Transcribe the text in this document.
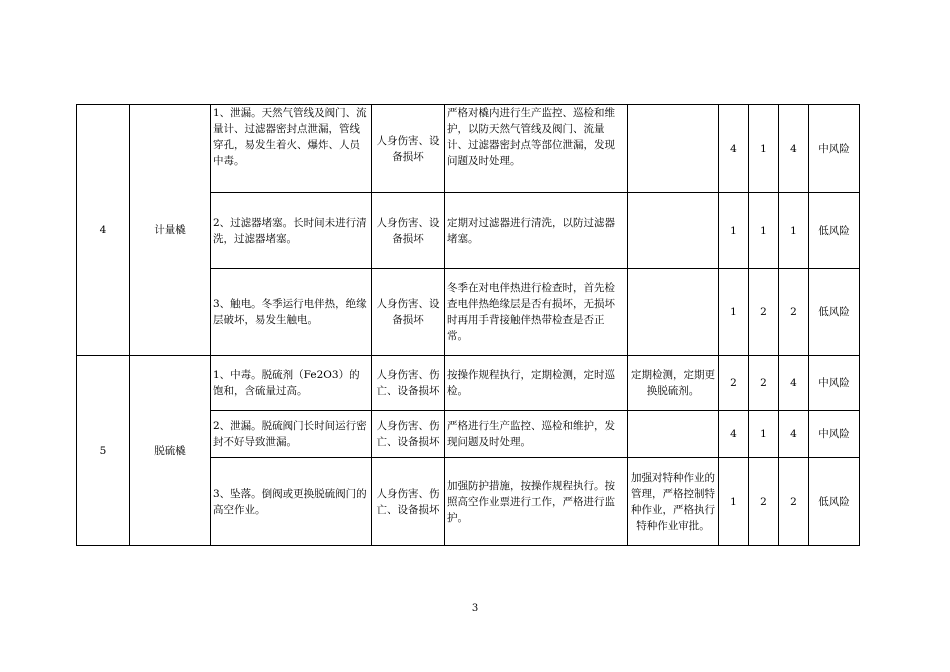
4	计量橇	1、泄漏。天然气管线及阀门、流量计、过滤器密封点泄漏，管线穿孔，易发生着火、爆炸、人员中毒。	人身伤害、设备损坏	严格对橇内进行生产监控、巡检和维护，以防天然气管线及阀门、流量计、过滤器密封点等部位泄漏，发现问题及时处理。		4	1	4	中风险
		2、过滤器堵塞。长时间未进行清洗，过滤器堵塞。	人身伤害、设备损坏	定期对过滤器进行清洗，以防过滤器堵塞。		1	1	1	低风险
		3、触电。冬季运行电伴热，绝缘层破坏，易发生触电。	人身伤害、设备损坏	冬季在对电伴热进行检查时，首先检查电伴热绝缘层是否有损坏，无损坏时再用手背接触伴热带检查是否正常。		1	2	2	低风险
5	脱硫橇	1、中毒。脱硫剂（Fe2O3）的饱和，含硫量过高。	人身伤害、伤亡、设备损坏	按操作规程执行，定期检测，定时巡检。	定期检测，定期更换脱硫剂。	2	2	4	中风险
		2、泄漏。脱硫阀门长时间运行密封不好导致泄漏。	人身伤害、伤亡、设备损坏	严格进行生产监控、巡检和维护，发现问题及时处理。		4	1	4	中风险
		3、坠落。倒阀或更换脱硫阀门的高空作业。	人身伤害、伤亡、设备损坏	加强防护措施，按操作规程执行。按照高空作业票进行工作，严格进行监护。	加强对特种作业的管理，严格控制特种作业，严格执行特种作业审批。	1	2	2	低风险
3
